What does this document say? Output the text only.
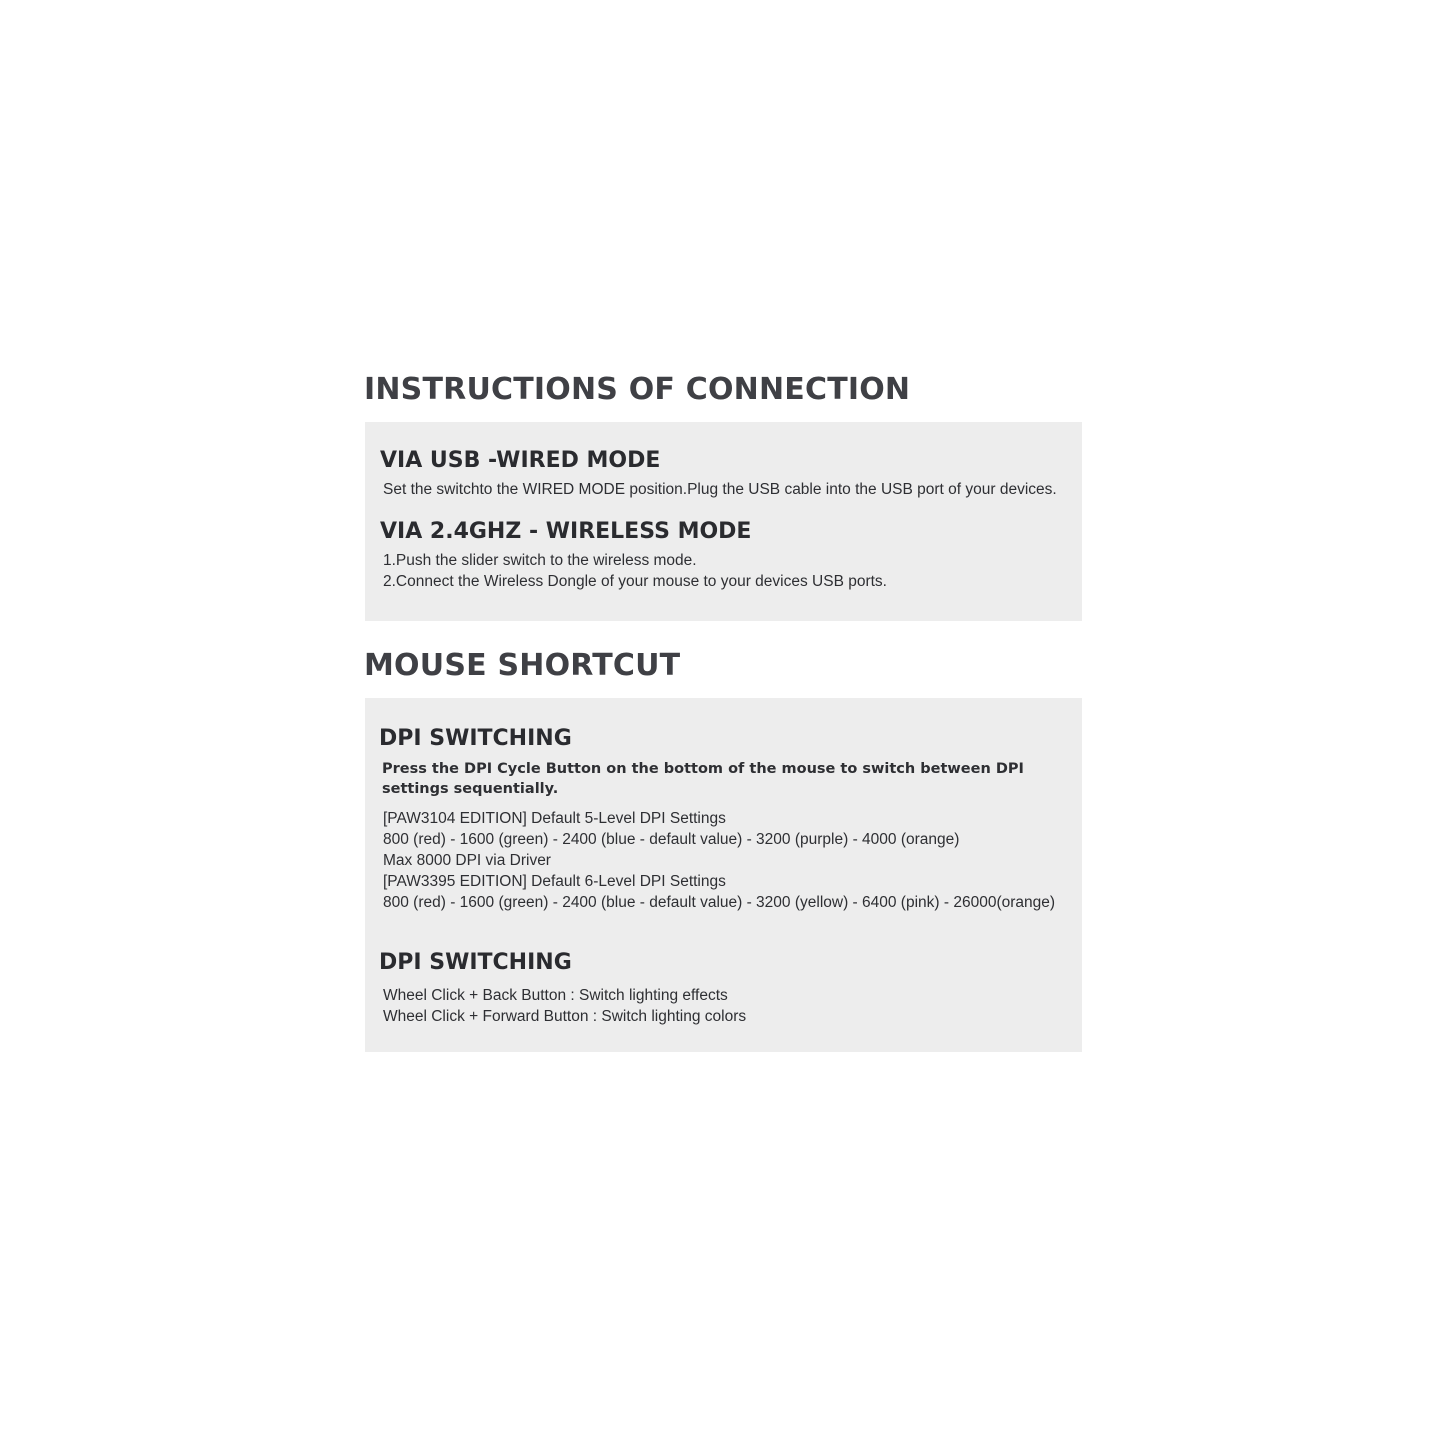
INSTRUCTIONS OF CONNECTION
VIA USB -WIRED MODE

Set the switchto the WIRED MODE position.Plug the USB cable into the USB port of your devices.

VIA 2.4GHZ - WIRELESS MODE

1.Push the slider switch to the wireless mode.

2.Connect the Wireless Dongle of your mouse to your devices USB ports.

MOUSE SHORTCUT
DPI SWITCHING

Press the DPI Cycle Button on the bottom of the mouse to switch between DPI settings sequentially.

[PAW3104 EDITION] Default 5-Level DPI Settings

800 (red) - 1600 (green) - 2400 (blue - default value) - 3200 (purple) - 4000 (orange)

Max 8000 DPI via Driver

[PAW3395 EDITION] Default 6-Level DPI Settings

800 (red) - 1600 (green) - 2400 (blue - default value) - 3200 (yellow) - 6400 (pink) - 26000(orange)

DPI SWITCHING

Wheel Click + Back Button : Switch lighting effects

Wheel Click + Forward Button : Switch lighting colors
